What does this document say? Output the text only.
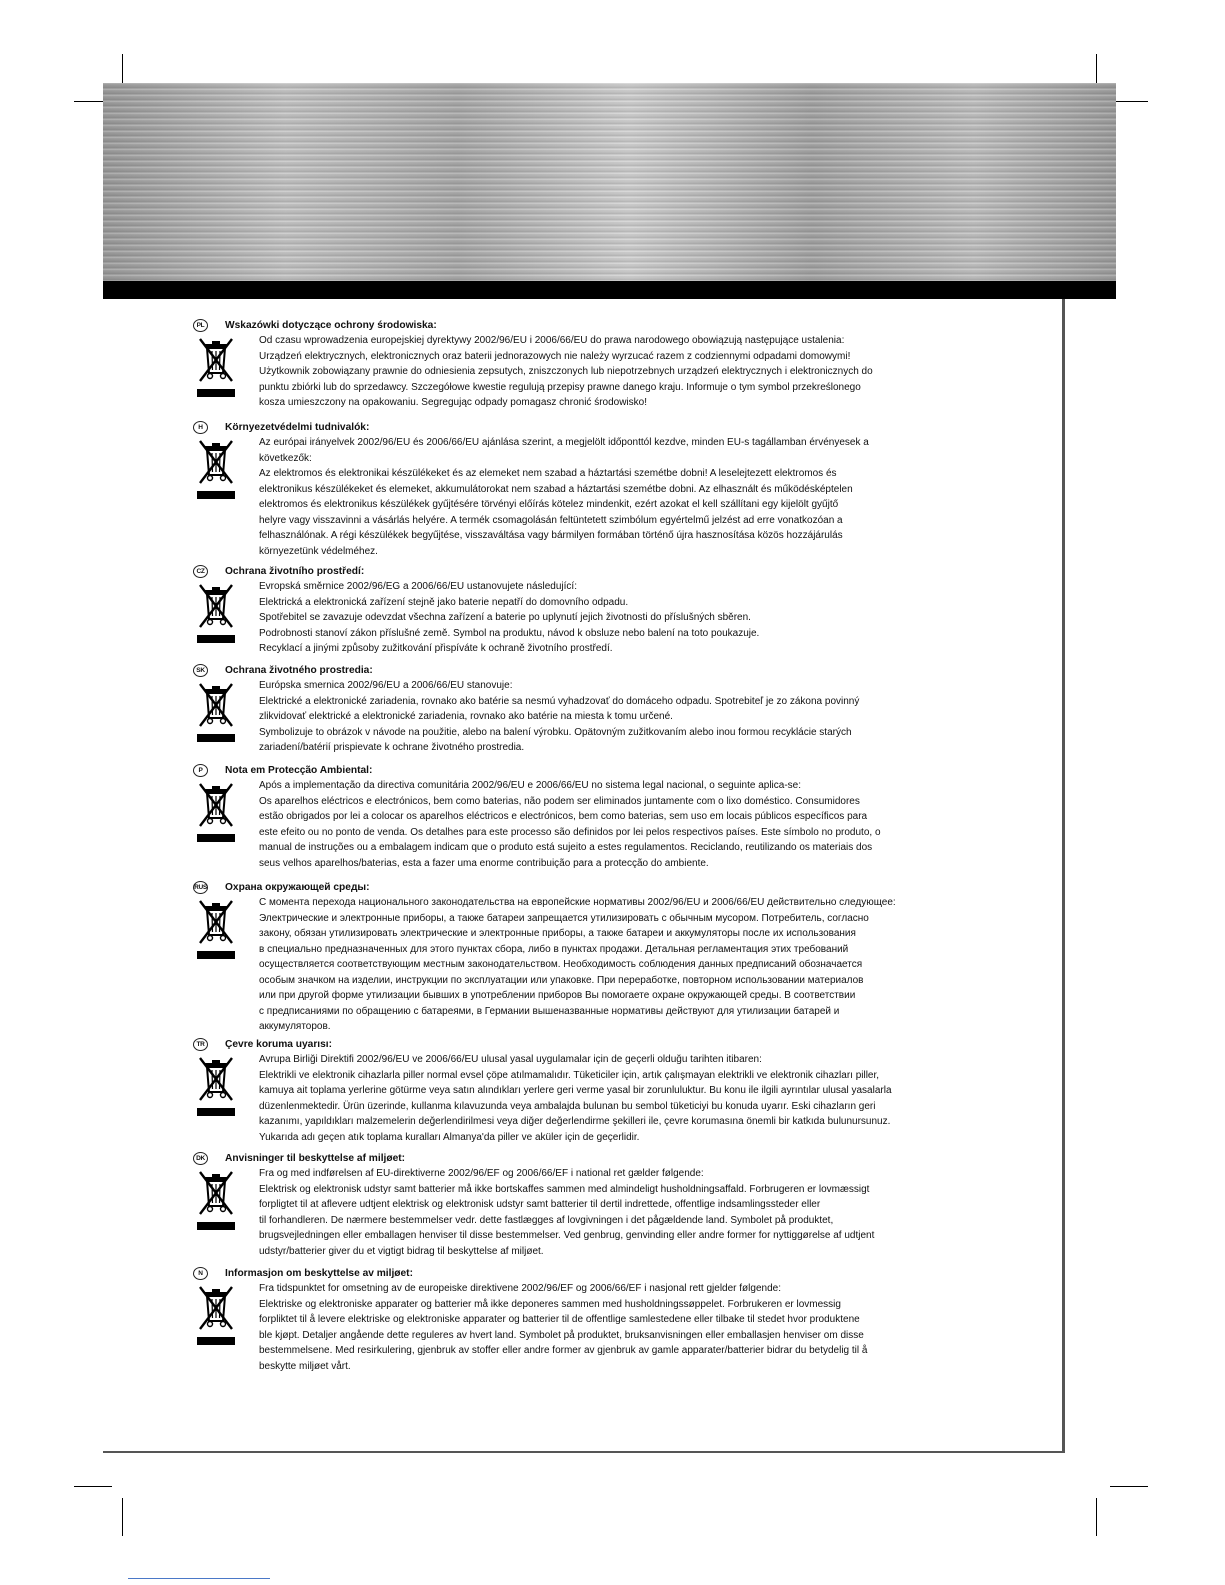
PL	Wskazówki dotyczące ochrony środowiska:
Od czasu wprowadzenia europejskiej dyrektywy 2002/96/EU i 2006/66/EU do prawa narodowego obowiązują następujące ustalenia:
Urządzeń elektrycznych, elektronicznych oraz baterii jednorazowych nie należy wyrzucać razem z codziennymi odpadami domowymi!
Użytkownik zobowiązany prawnie do odniesienia zepsutych, zniszczonych lub niepotrzebnych urządzeń elektrycznych i elektronicznych do
punktu zbiórki lub do sprzedawcy. Szczegółowe kwestie regulują przepisy prawne danego kraju. Informuje o tym symbol przekreślonego
kosza umieszczony na opakowaniu. Segregując odpady pomagasz chronić środowisko!
H	Környezetvédelmi tudnivalók:
Az európai irányelvek 2002/96/EU és 2006/66/EU ajánlása szerint, a megjelölt időponttól kezdve, minden EU-s tagállamban érvényesek a
következők:
Az elektromos és elektronikai készülékeket és az elemeket nem szabad a háztartási szemétbe dobni! A leselejtezett elektromos és
elektronikus készülékeket és elemeket, akkumulátorokat nem szabad a háztartási szemétbe dobni. Az elhasznált és működésképtelen
elektromos és elektronikus készülékek gyűjtésére törvényi előírás kötelez mindenkit, ezért azokat el kell szállítani egy kijelölt gyűjtő
helyre vagy visszavinni a vásárlás helyére. A termék csomagolásán feltüntetett szimbólum egyértelmű jelzést ad erre vonatkozóan a
felhasználónak. A régi készülékek begyűjtése, visszaváltása vagy bármilyen formában történő újra hasznosítása közös hozzájárulás
környezetünk védelméhez.
CZ	Ochrana životního prostředí:
Evropská směrnice 2002/96/EG a 2006/66/EU ustanovujete následující:
Elektrická a elektronická zařízení stejně jako baterie nepatří do domovního odpadu.
Spotřebitel se zavazuje odevzdat všechna zařízení a baterie po uplynutí jejich životnosti do příslušných sběren.
Podrobnosti stanoví zákon příslušné země. Symbol na produktu, návod k obsluze nebo balení na toto poukazuje.
Recyklací a jinými způsoby zužitkování přispíváte k ochraně životního prostředí.
SK	Ochrana životného prostredia:
Európska smernica 2002/96/EU a 2006/66/EU stanovuje:
Elektrické a elektronické zariadenia, rovnako ako batérie sa nesmú vyhadzovať do domáceho odpadu. Spotrebiteľ je zo zákona povinný
zlikvidovať elektrické a elektronické zariadenia, rovnako ako batérie na miesta k tomu určené.
Symbolizuje to obrázok v návode na použitie, alebo na balení výrobku. Opätovným zužitkovaním alebo inou formou recyklácie starých
zariadení/batérií prispievate k ochrane životného prostredia.
P	Nota em Protecção Ambiental:
Após a implementação da directiva comunitária 2002/96/EU e 2006/66/EU no sistema legal nacional, o seguinte aplica-se:
Os aparelhos eléctricos e electrónicos, bem como baterias, não podem ser eliminados juntamente com o lixo doméstico. Consumidores
estão obrigados por lei a colocar os aparelhos eléctricos e electrónicos, bem como baterias, sem uso em locais públicos específicos para
este efeito ou no ponto de venda. Os detalhes para este processo são definidos por lei pelos respectivos países. Este símbolo no produto, o
manual de instruções ou a embalagem indicam que o produto está sujeito a estes regulamentos. Reciclando, reutilizando os materiais dos
seus velhos aparelhos/baterias, esta a fazer uma enorme contribuição para a protecção do ambiente.
RUS Охрана окружающей среды:
С момента перехода национального законодательства на европейские нормативы 2002/96/EU и 2006/66/EU действительно следующее:
Электрические и электронные приборы, а также батареи запрещается утилизировать с обычным мусором. Потребитель, согласно
закону, обязан утилизировать электрические и электронные приборы, а также батареи и аккумуляторы после их использования
в специально предназначенных для этого пунктах сбора, либо в пунктах продажи. Детальная регламентация этих требований
осуществляется соответствующим местным законодательством. Необходимость соблюдения данных предписаний обозначается
особым значком на изделии, инструкции по эксплуатации или упаковке. При переработке, повторном использовании материалов
или при другой форме утилизации бывших в употреблении приборов Вы помогаете охране окружающей среды. В соответствии
с предписаниями по обращению с батареями, в Германии вышеназванные нормативы действуют для утилизации батарей и
аккумуляторов.
TR	Çevre koruma uyarısı:
Avrupa Birliği Direktifi 2002/96/EU ve 2006/66/EU ulusal yasal uygulamalar için de geçerli olduğu tarihten itibaren:
Elektrikli ve elektronik cihazlarla piller normal evsel çöpe atılmamalıdır. Tüketiciler için, artık çalışmayan elektrikli ve elektronik cihazları piller,
kamuya ait toplama yerlerine götürme veya satın alındıkları yerlere geri verme yasal bir zorunluluktur. Bu konu ile ilgili ayrıntılar ulusal yasalarla
düzenlenmektedir. Ürün üzerinde, kullanma kılavuzunda veya ambalajda bulunan bu sembol tüketiciyi bu konuda uyarır. Eski cihazların geri
kazanımı, yapıldıkları malzemelerin değerlendirilmesi veya diğer değerlendirme şekilleri ile, çevre korumasına önemli bir katkıda bulunursunuz.
Yukarıda adı geçen atık toplama kuralları Almanya'da piller ve aküler için de geçerlidir.
DK	Anvisninger til beskyttelse af miljøet:
Fra og med indførelsen af EU-direktiverne 2002/96/EF og 2006/66/EF i national ret gælder følgende:
Elektrisk og elektronisk udstyr samt batterier må ikke bortskaffes sammen med almindeligt husholdningsaffald. Forbrugeren er lovmæssigt
forpligtet til at aflevere udtjent elektrisk og elektronisk udstyr samt batterier til dertil indrettede, offentlige indsamlingssteder eller
til forhandleren. De nærmere bestemmelser vedr. dette fastlægges af lovgivningen i det pågældende land. Symbolet på produktet,
brugsvejledningen eller emballagen henviser til disse bestemmelser. Ved genbrug, genvinding eller andre former for nyttiggørelse af udtjent
udstyr/batterier giver du et vigtigt bidrag til beskyttelse af miljøet.
N	Informasjon om beskyttelse av miljøet:
Fra tidspunktet for omsetning av de europeiske direktivene 2002/96/EF og 2006/66/EF i nasjonal rett gjelder følgende:
Elektriske og elektroniske apparater og batterier må ikke deponeres sammen med husholdningssøppelet. Forbrukeren er lovmessig
forpliktet til å levere elektriske og elektroniske apparater og batterier til de offentlige samlestedene eller tilbake til stedet hvor produktene
ble kjøpt. Detaljer angående dette reguleres av hvert land. Symbolet på produktet, bruksanvisningen eller emballasjen henviser om disse
bestemmelsene. Med resirkulering, gjenbruk av stoffer eller andre former av gjenbruk av gamle apparater/batterier bidrar du betydelig til å
beskytte miljøet vårt.
